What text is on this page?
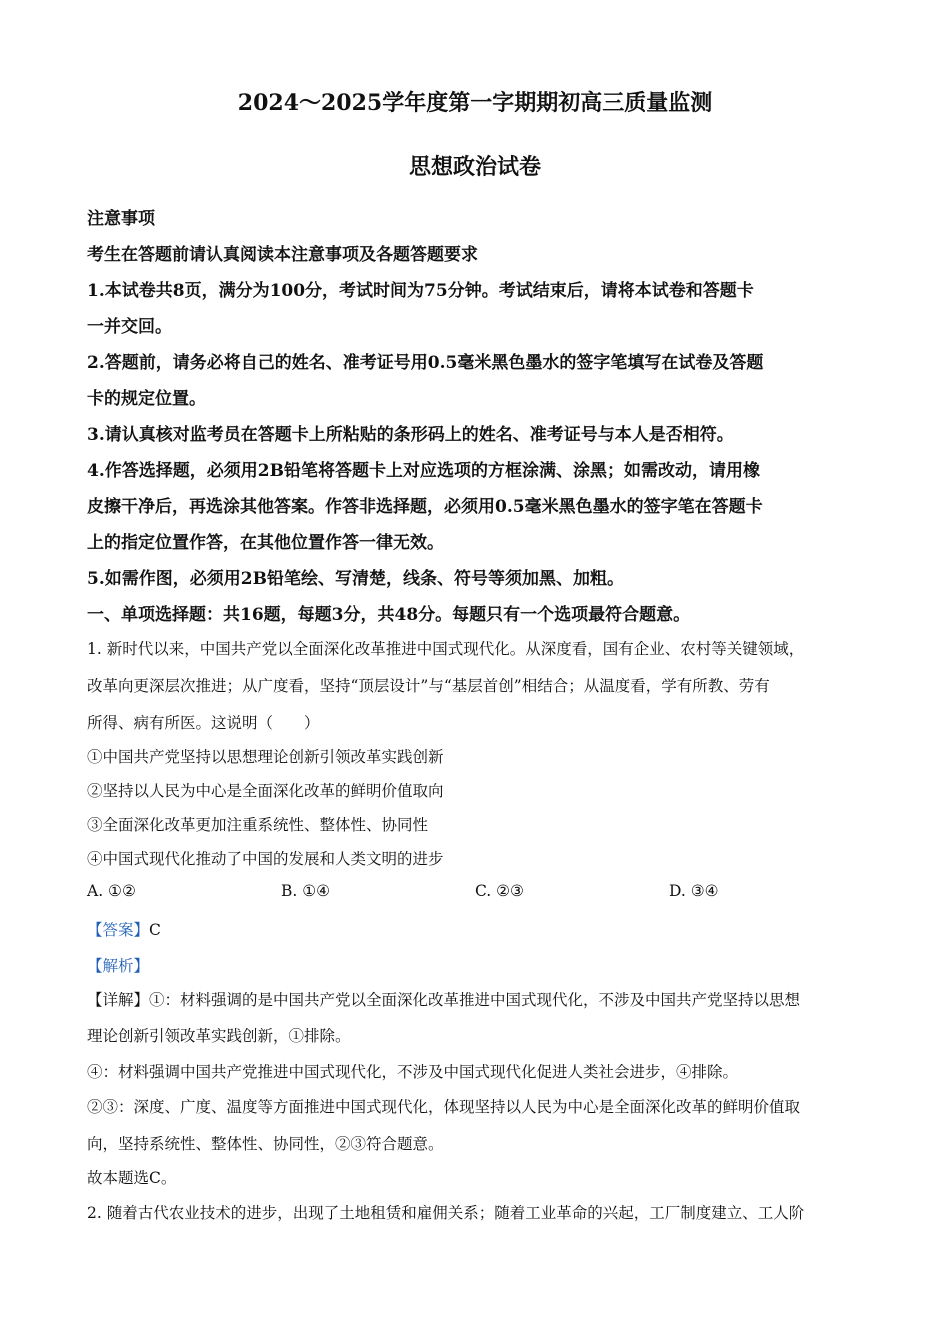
2024～2025学年度第一字期期初高三质量监测
思想政治试卷
注意事项
考生在答题前请认真阅读本注意事项及各题答题要求
1.本试卷共8页，满分为100分，考试时间为75分钟。考试结束后，请将本试卷和答题卡
一并交回。
2.答题前，请务必将自己的姓名、准考证号用0.5毫米黑色墨水的签字笔填写在试卷及答题
卡的规定位置。
3.请认真核对监考员在答题卡上所粘贴的条形码上的姓名、准考证号与本人是否相符。
4.作答选择题，必须用2B铅笔将答题卡上对应选项的方框涂满、涂黑；如需改动，请用橡
皮擦干净后，再选涂其他答案。作答非选择题，必须用0.5毫米黑色墨水的签字笔在答题卡
上的指定位置作答，在其他位置作答一律无效。
5.如需作图，必须用2B铅笔绘、写清楚，线条、符号等须加黑、加粗。
一、单项选择题：共16题，每题3分，共48分。每题只有一个选项最符合题意。
1. 新时代以来，中国共产党以全面深化改革推进中国式现代化。从深度看，国有企业、农村等关键领域，
改革向更深层次推进；从广度看，坚持“顶层设计”与“基层首创”相结合；从温度看，学有所教、劳有
所得、病有所医。这说明（　　）
①中国共产党坚持以思想理论创新引领改革实践创新
②坚持以人民为中心是全面深化改革的鲜明价值取向
③全面深化改革更加注重系统性、整体性、协同性
④中国式现代化推动了中国的发展和人类文明的进步
A. ①②	B. ①④	C. ②③	D. ③④
【答案】C
【解析】
【详解】①：材料强调的是中国共产党以全面深化改革推进中国式现代化，不涉及中国共产党坚持以思想
理论创新引领改革实践创新，①排除。
④：材料强调中国共产党推进中国式现代化，不涉及中国式现代化促进人类社会进步，④排除。
②③：深度、广度、温度等方面推进中国式现代化，体现坚持以人民为中心是全面深化改革的鲜明价值取
向，坚持系统性、整体性、协同性，②③符合题意。
故本题选C。
2. 随着古代农业技术的进步，出现了土地租赁和雇佣关系；随着工业革命的兴起，工厂制度建立、工人阶
